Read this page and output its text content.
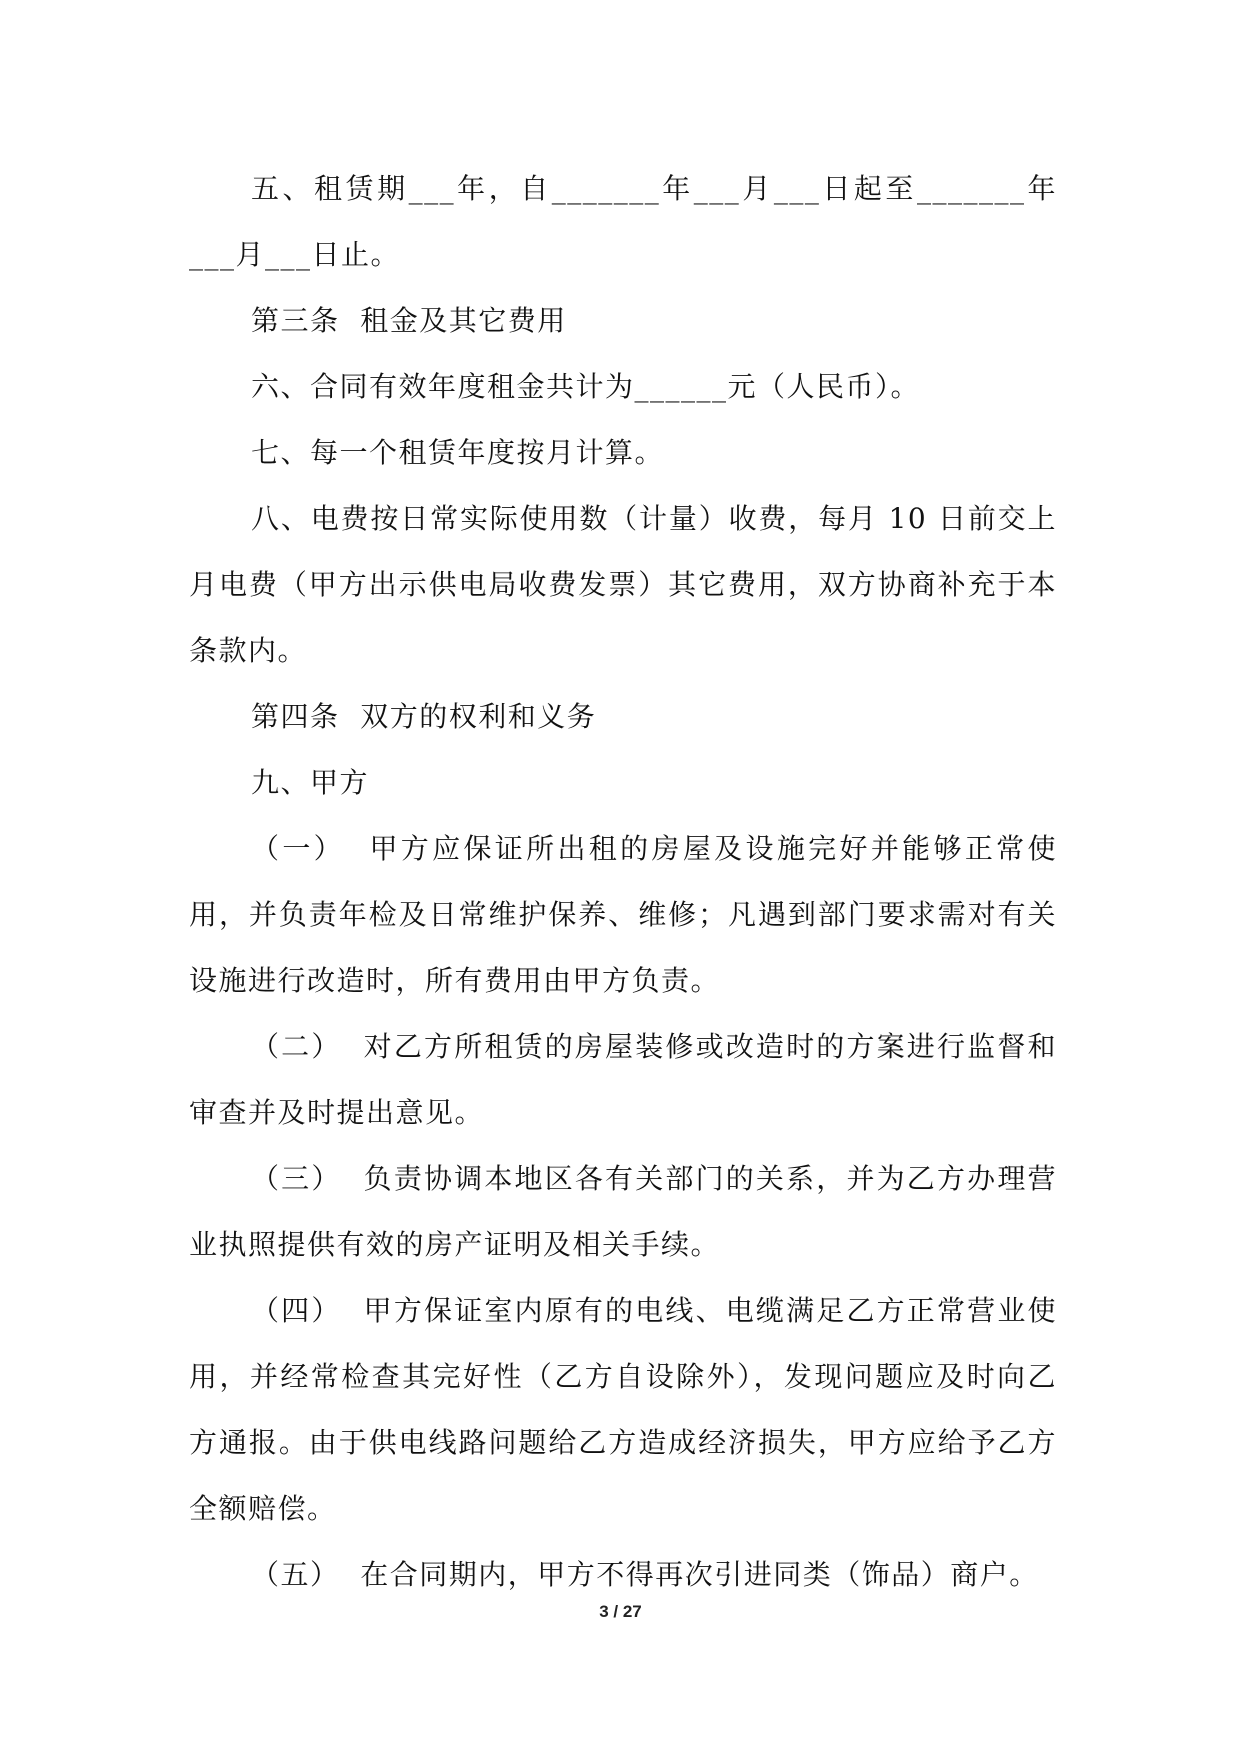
五、租赁期___年，自_______年___月___日起至_______年___月___日止。

第三条  租金及其它费用

六、合同有效年度租金共计为______元（人民币）。

七、每一个租赁年度按月计算。

八、电费按日常实际使用数（计量）收费，每月 10 日前交上月电费（甲方出示供电局收费发票）其它费用，双方协商补充于本条款内。

第四条  双方的权利和义务

九、甲方

（一）  甲方应保证所出租的房屋及设施完好并能够正常使用，并负责年检及日常维护保养、维修；凡遇到部门要求需对有关设施进行改造时，所有费用由甲方负责。

（二）  对乙方所租赁的房屋装修或改造时的方案进行监督和审查并及时提出意见。

（三）  负责协调本地区各有关部门的关系，并为乙方办理营业执照提供有效的房产证明及相关手续。

（四）  甲方保证室内原有的电线、电缆满足乙方正常营业使用，并经常检查其完好性（乙方自设除外），发现问题应及时向乙方通报。由于供电线路问题给乙方造成经济损失，甲方应给予乙方全额赔偿。

（五）  在合同期内，甲方不得再次引进同类（饰品）商户。

3 / 27
